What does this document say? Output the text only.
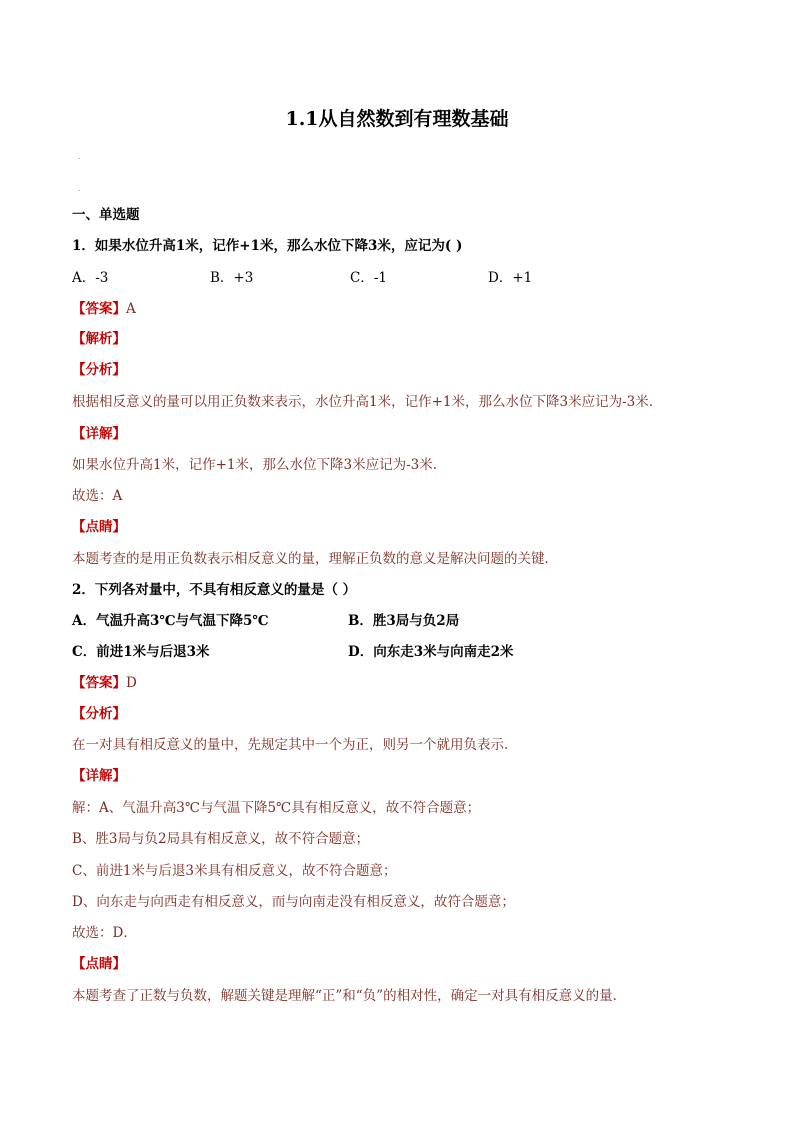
1.1从自然数到有理数基础
.
.
一、单选题
1．如果水位升高1米，记作+1米，那么水位下降3米，应记为( )
A．-3	B．+3	C．-1	D．+1
【答案】A
【解析】
【分析】
根据相反意义的量可以用正负数来表示，水位升高1米，记作+1米，那么水位下降3米应记为-3米．
【详解】
如果水位升高1米，记作+1米，那么水位下降3米应记为-3米．
故选：A
【点睛】
本题考查的是用正负数表示相反意义的量，理解正负数的意义是解决问题的关键．
2．下列各对量中，不具有相反意义的量是（ ）
A．气温升高3℃与气温下降5℃	B．胜3局与负2局
C．前进1米与后退3米	D．向东走3米与向南走2米
【答案】D
【分析】
在一对具有相反意义的量中，先规定其中一个为正，则另一个就用负表示．
【详解】
解：A、气温升高3℃与气温下降5℃具有相反意义，故不符合题意；
B、胜3局与负2局具有相反意义，故不符合题意；
C、前进1米与后退3米具有相反意义，故不符合题意；
D、向东走与向西走有相反意义，而与向南走没有相反意义，故符合题意；
故选：D．
【点睛】
本题考查了正数与负数，解题关键是理解“正”和“负”的相对性，确定一对具有相反意义的量．
